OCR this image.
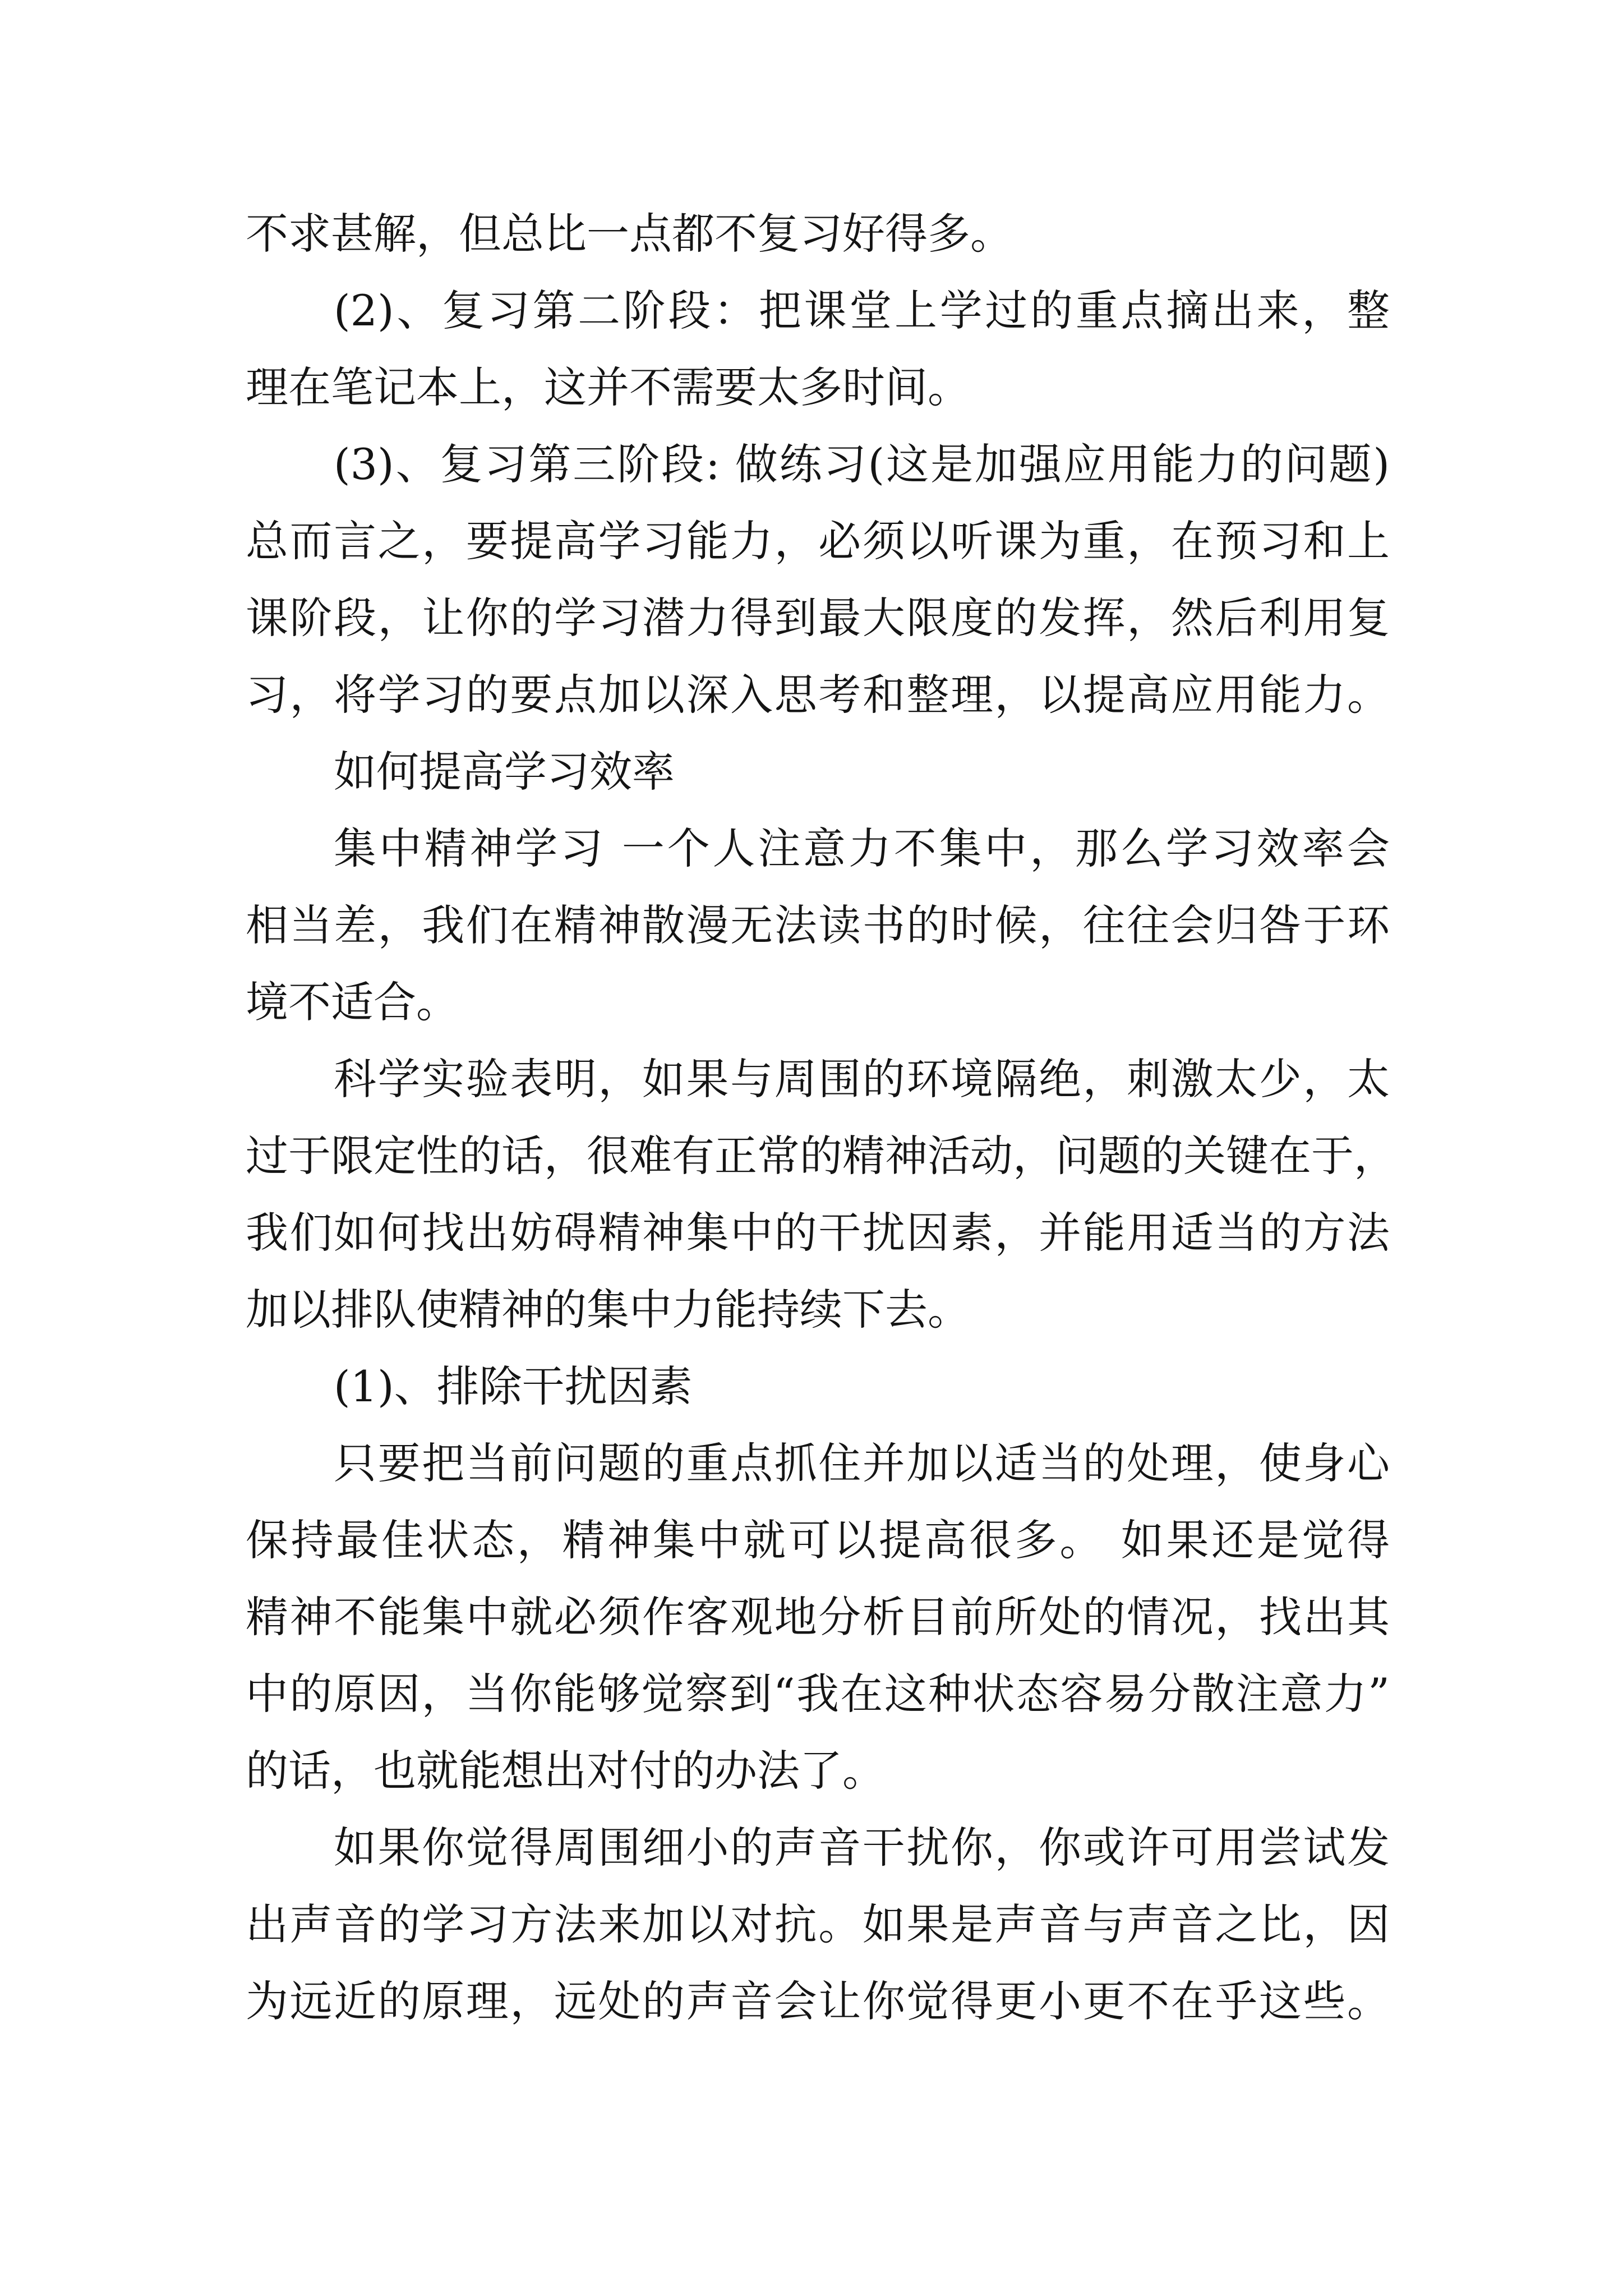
不求甚解，但总比一点都不复习好得多。
(2)、复习第二阶段：把课堂上学过的重点摘出来，整
理在笔记本上，这并不需要太多时间。
(3)、复习第三阶段: 做练习(这是加强应用能力的问题)
总而言之，要提高学习能力，必须以听课为重，在预习和上
课阶段，让你的学习潜力得到最大限度的发挥，然后利用复
习，将学习的要点加以深入思考和整理，以提高应用能力。
如何提高学习效率
集中精神学习 一个人注意力不集中，那么学习效率会
相当差，我们在精神散漫无法读书的时候，往往会归咎于环
境不适合。
科学实验表明，如果与周围的环境隔绝，刺激太少，太
过于限定性的话，很难有正常的精神活动，问题的关键在于，
我们如何找出妨碍精神集中的干扰因素，并能用适当的方法
加以排队使精神的集中力能持续下去。
(1)、排除干扰因素
只要把当前问题的重点抓住并加以适当的处理，使身心
保持最佳状态，精神集中就可以提高很多。 如果还是觉得
精神不能集中就必须作客观地分析目前所处的情况，找出其
中的原因，当你能够觉察到“我在这种状态容易分散注意力”
的话，也就能想出对付的办法了。
如果你觉得周围细小的声音干扰你，你或许可用尝试发
出声音的学习方法来加以对抗。如果是声音与声音之比，因
为远近的原理，远处的声音会让你觉得更小更不在乎这些。
